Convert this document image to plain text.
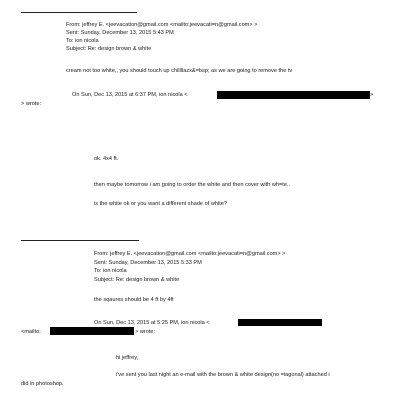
From: jeffrey E. <jeevacation@gmail.com <mailto:jeevacati=n@gmail.com> >
Sent: Sunday, December 13, 2015 5:43 PM
To: ion nicola
Subject: Re: design brown & white
cream not too white,, you should touch up chillllazx&=bsp; as we are going to remove the tv
On Sun, Dec 13, 2015 at 6:37 PM, ion nicola <	>
> wrote:
ok. 4x4 ft.
then maybe tomorrow i am going to order the white and then cover with wh=te..
is the white ok or you want a different shade of white?
From: jeffrey E. <jeevacation@gmail.com <mailto:jeevacati=n@gmail.com> >
Sent: Sunday, December 13, 2015 5:33 PM
To: ion nicola
Subject: Re: design brown & white
the sqaures should be 4 ft by 4ft
On Sun, Dec 13, 2015 at 5:25 PM, ion nicola <
<mailto:	> wrote:
hi jeffrey,
i've sent you last night an e-mail with the brown & white design(no =iagonal) attached i
did in photoshop.
